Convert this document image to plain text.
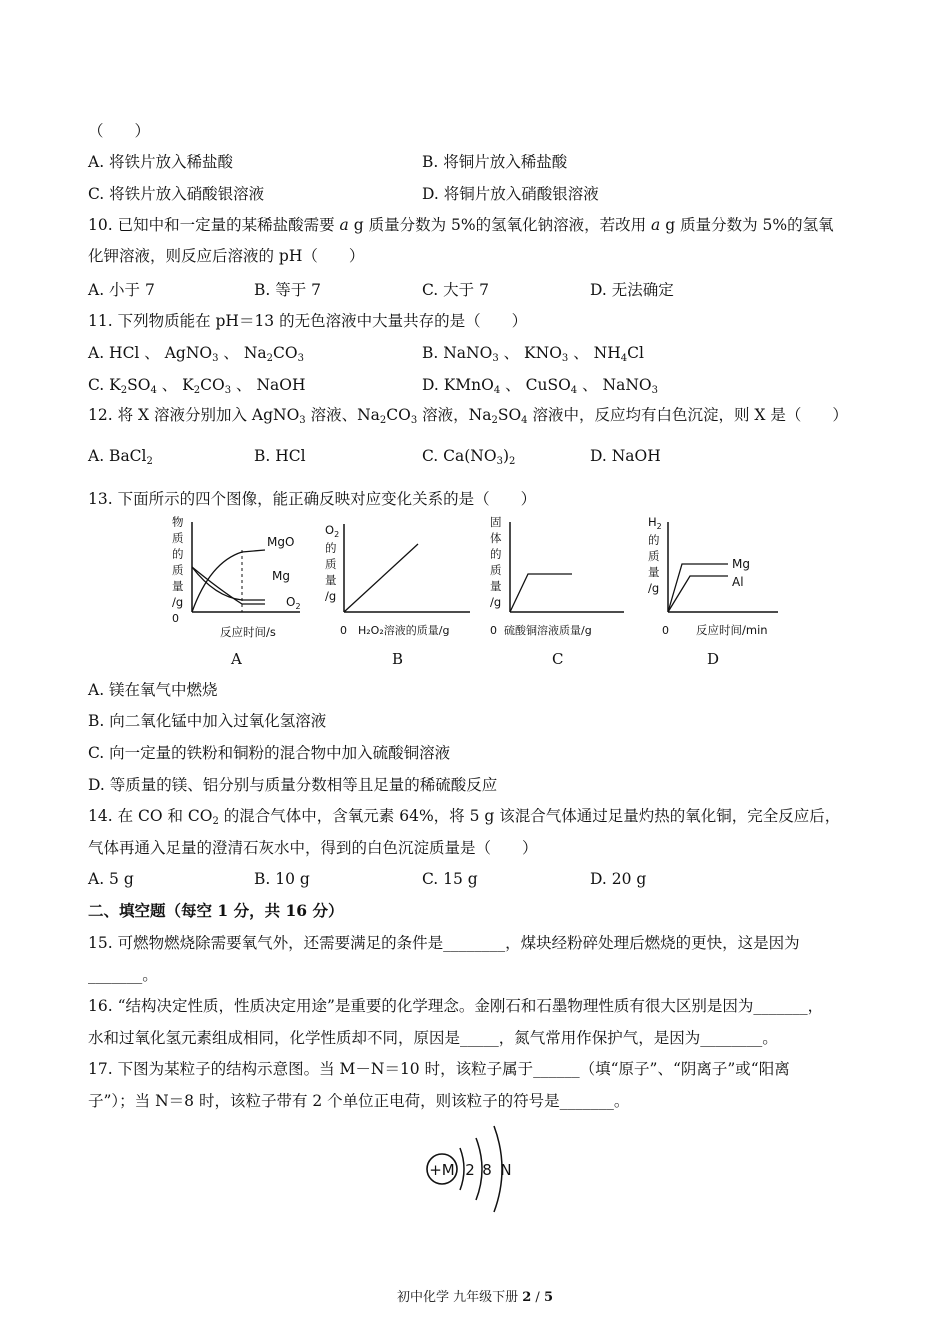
（　　）
A. 将铁片放入稀盐酸	B. 将铜片放入稀盐酸
C. 将铁片放入硝酸银溶液	D. 将铜片放入硝酸银溶液
10. 已知中和一定量的某稀盐酸需要 a g 质量分数为 5%的氢氧化钠溶液，若改用 a g 质量分数为 5%的氢氧
化钾溶液，则反应后溶液的 pH（　　）
A. 小于 7	B. 等于 7	C. 大于 7	D. 无法确定
11. 下列物质能在 pH＝13 的无色溶液中大量共存的是（　　）
A. HCl 、 AgNO$_3$ 、 $Na_2CO_3$	B. NaNO$_3$ 、 $KNO_3$ 、 $NH_4Cl$
C. $K_2SO_4$ 、 $K_2CO_3$ 、 NaOH	D. KMnO$_4$ 、 CuSO$_4$ 、 NaNO$_3$
12. 将 X 溶液分别加入 AgNO$_3$ 溶液、$Na_2CO_3$ 溶液，$Na_2SO_4$ 溶液中，反应均有白色沉淀，则 X 是（　　）
A. BaCl$_2$	B. HCl	C. $Ca(NO_3)_2$	D. NaOH
13. 下面所示的四个图像，能正确反映对应变化关系的是（　　）
物
质
的
质
量
/g
0
反应时间/s
MgO
Mg
$O_2$
$O_2$
的
质
量
/g
0 H₂O₂溶液的质量/g
固
体
的
质
量
/g
0 硫酸铜溶液质量/g
$H_2$
的
质
量
/g
Mg
Al
0 反应时间/min
A	B	C	D
A. 镁在氧气中燃烧
B. 向二氧化锰中加入过氧化氢溶液
C. 向一定量的铁粉和铜粉的混合物中加入硫酸铜溶液
D. 等质量的镁、铝分别与质量分数相等且足量的稀硫酸反应
14. 在 CO 和 $CO_2$ 的混合气体中，含氧元素 64%，将 5 g 该混合气体通过足量灼热的氧化铜，完全反应后，
气体再通入足量的澄清石灰水中，得到的白色沉淀质量是（　　）
A. 5 g	B. 10 g	C. 15 g	D. 20 g
二、填空题（每空 1 分，共 16 分）
15. 可燃物燃烧除需要氧气外，还需要满足的条件是________，煤块经粉碎处理后燃烧的更快，这是因为
_______。
16. “结构决定性质，性质决定用途”是重要的化学理念。金刚石和石墨物理性质有很大区别是因为_______，
水和过氧化氢元素组成相同，化学性质却不同，原因是_____，氮气常用作保护气，是因为________。
17. 下图为某粒子的结构示意图。当 M－N＝10 时，该粒子属于______（填“原子”、“阴离子”或“阳离
子”）；当 N＝8 时，该粒子带有 2 个单位正电荷，则该粒子的符号是_______。
+M 2 8 N
初中化学 九年级下册 2 / 5
